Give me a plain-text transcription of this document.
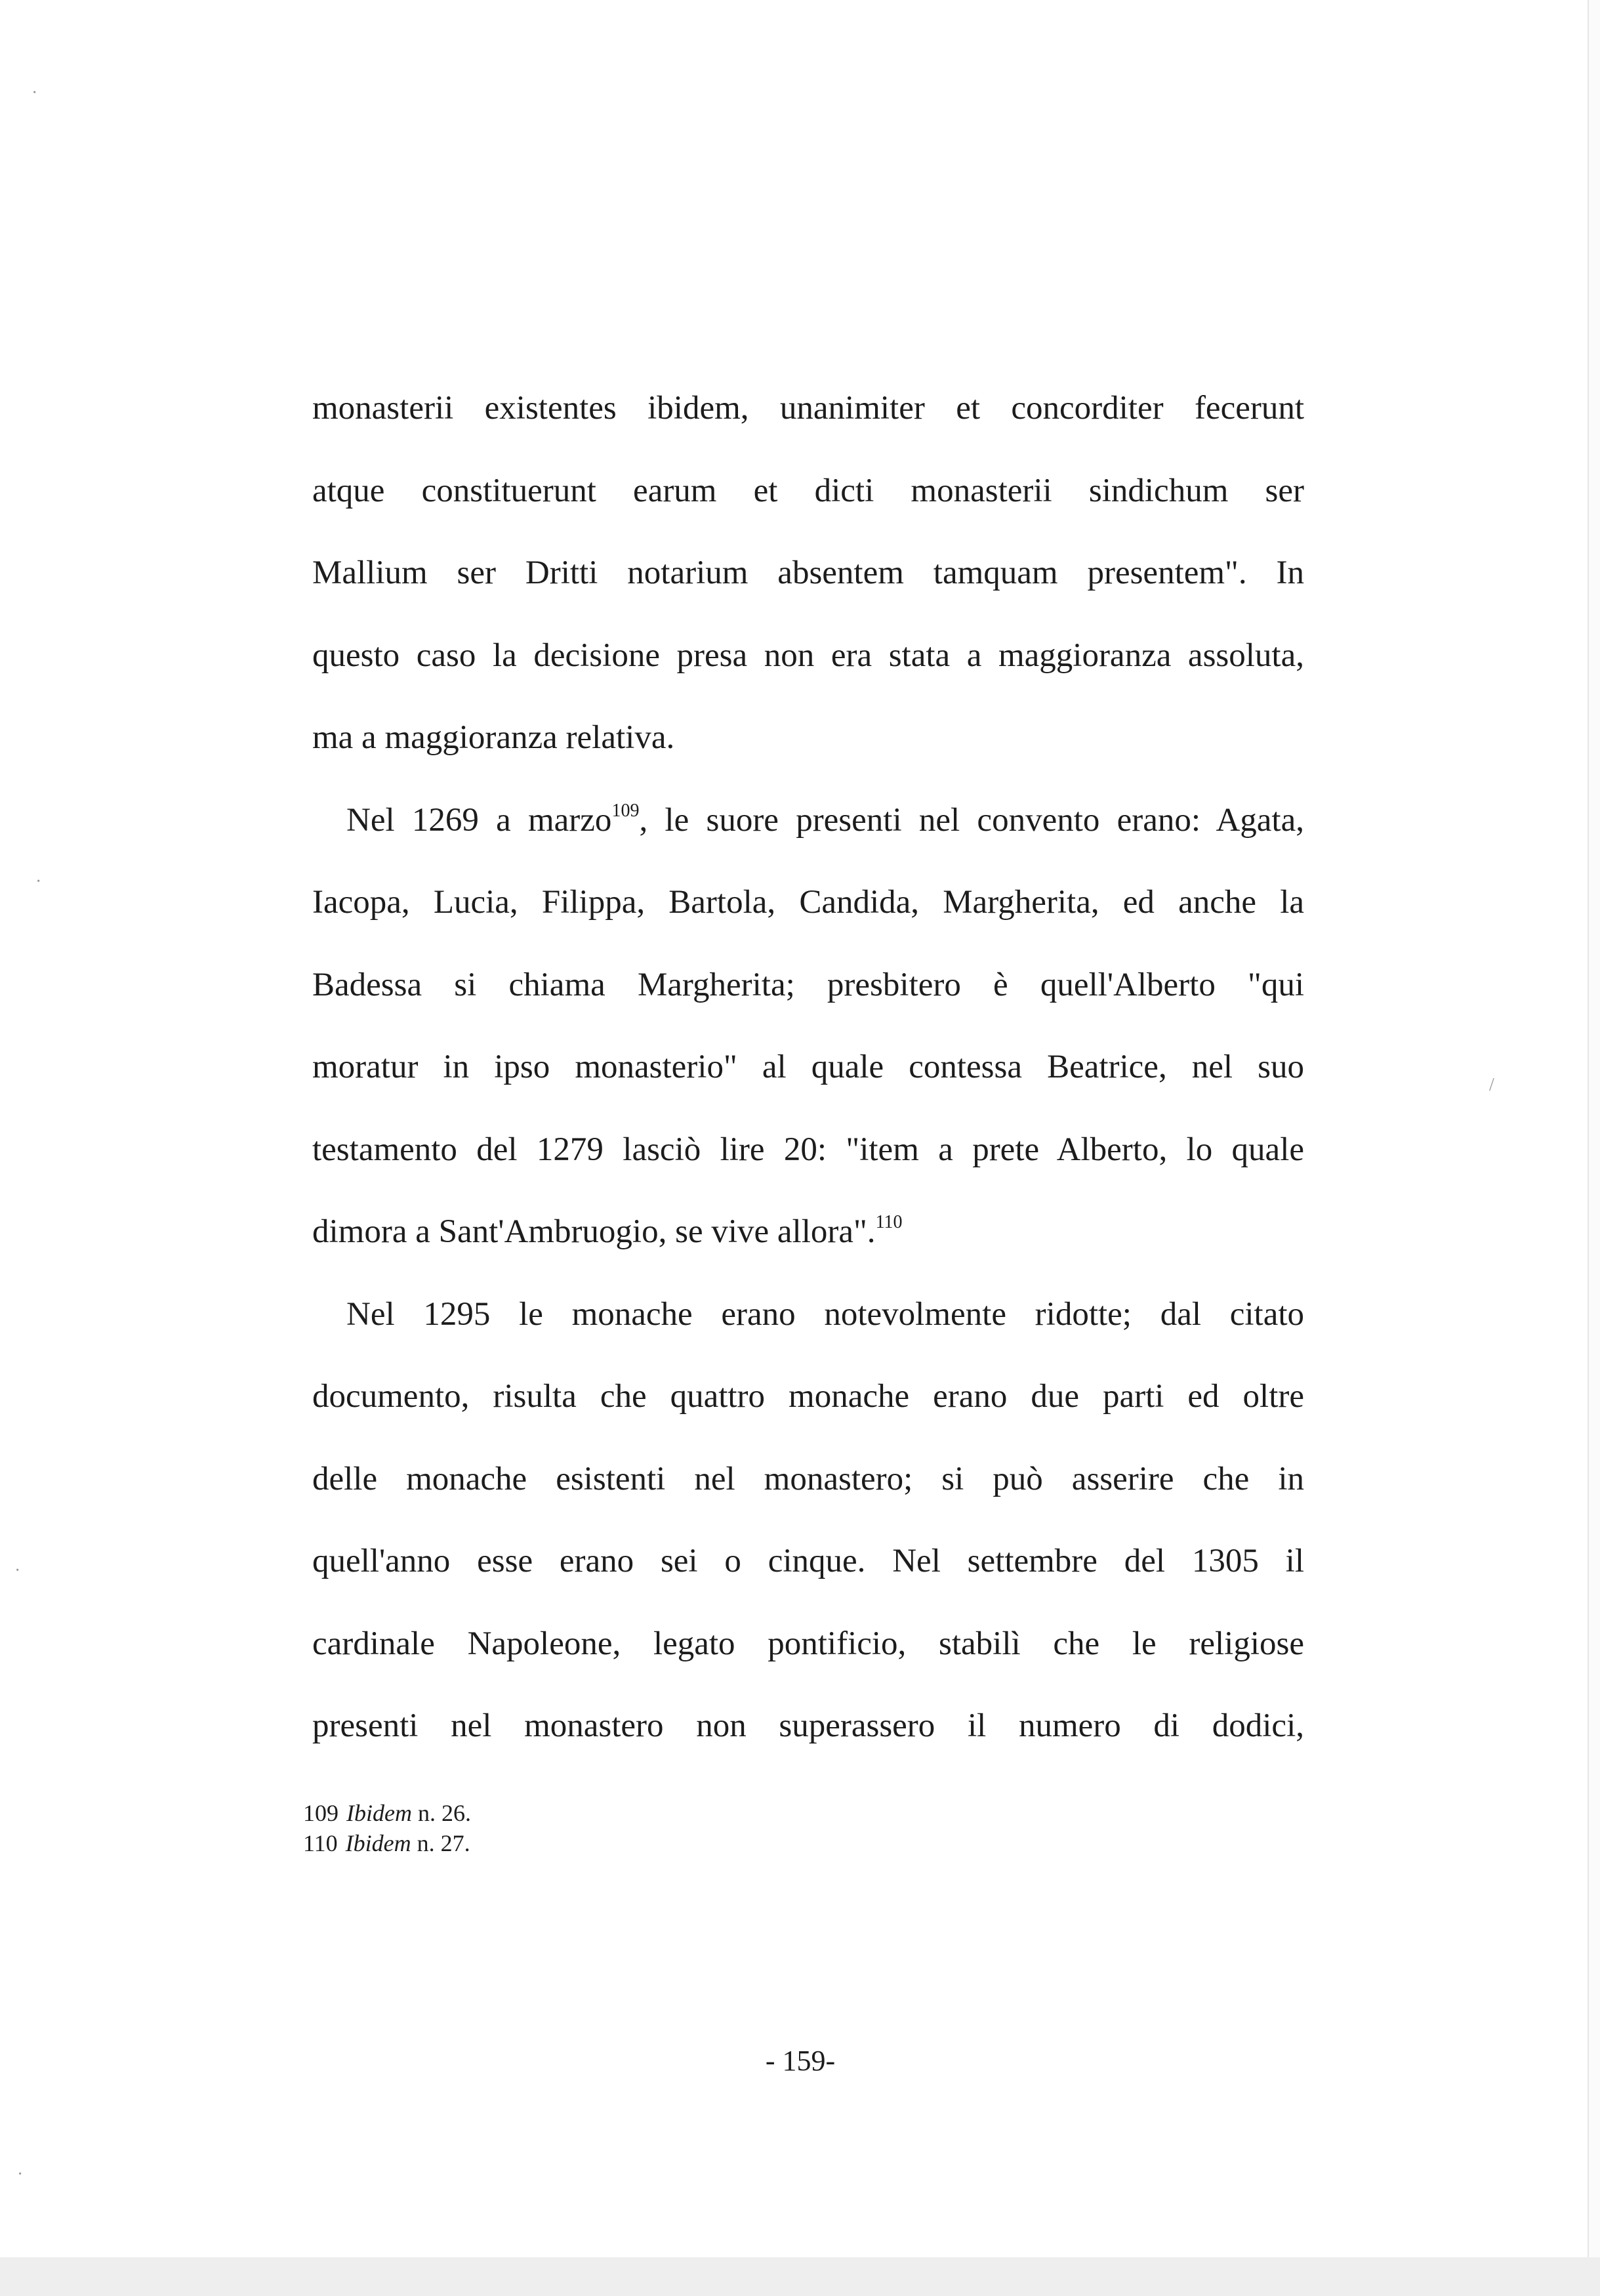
·
·
·
·
/
monasterii existentes ibidem, unanimiter et concorditer fecerunt
atque constituerunt earum et dicti monasterii sindichum ser
Mallium ser Dritti notarium absentem tamquam presentem". In
questo caso la decisione presa non era stata a maggioranza assoluta,
ma a maggioranza relativa.
Nel 1269 a marzo$^{109}$, le suore presenti nel convento erano: Agata,
Iacopa, Lucia, Filippa, Bartola, Candida, Margherita, ed anche la
Badessa si chiama Margherita; presbitero è quell'Alberto "qui
moratur in ipso monasterio" al quale contessa Beatrice, nel suo
testamento del 1279 lasciò lire 20: "item a prete Alberto, lo quale
dimora a Sant'Ambruogio, se vive allora".$^{110}$
Nel 1295 le monache erano notevolmente ridotte; dal citato
documento, risulta che quattro monache erano due parti ed oltre
delle monache esistenti nel monastero; si può asserire che in
quell'anno esse erano sei o cinque. Nel settembre del 1305 il
cardinale Napoleone, legato pontificio, stabilì che le religiose
presenti nel monastero non superassero il numero di dodici,
109 Ibidem n. 26.
110 Ibidem n. 27.
- 159-
